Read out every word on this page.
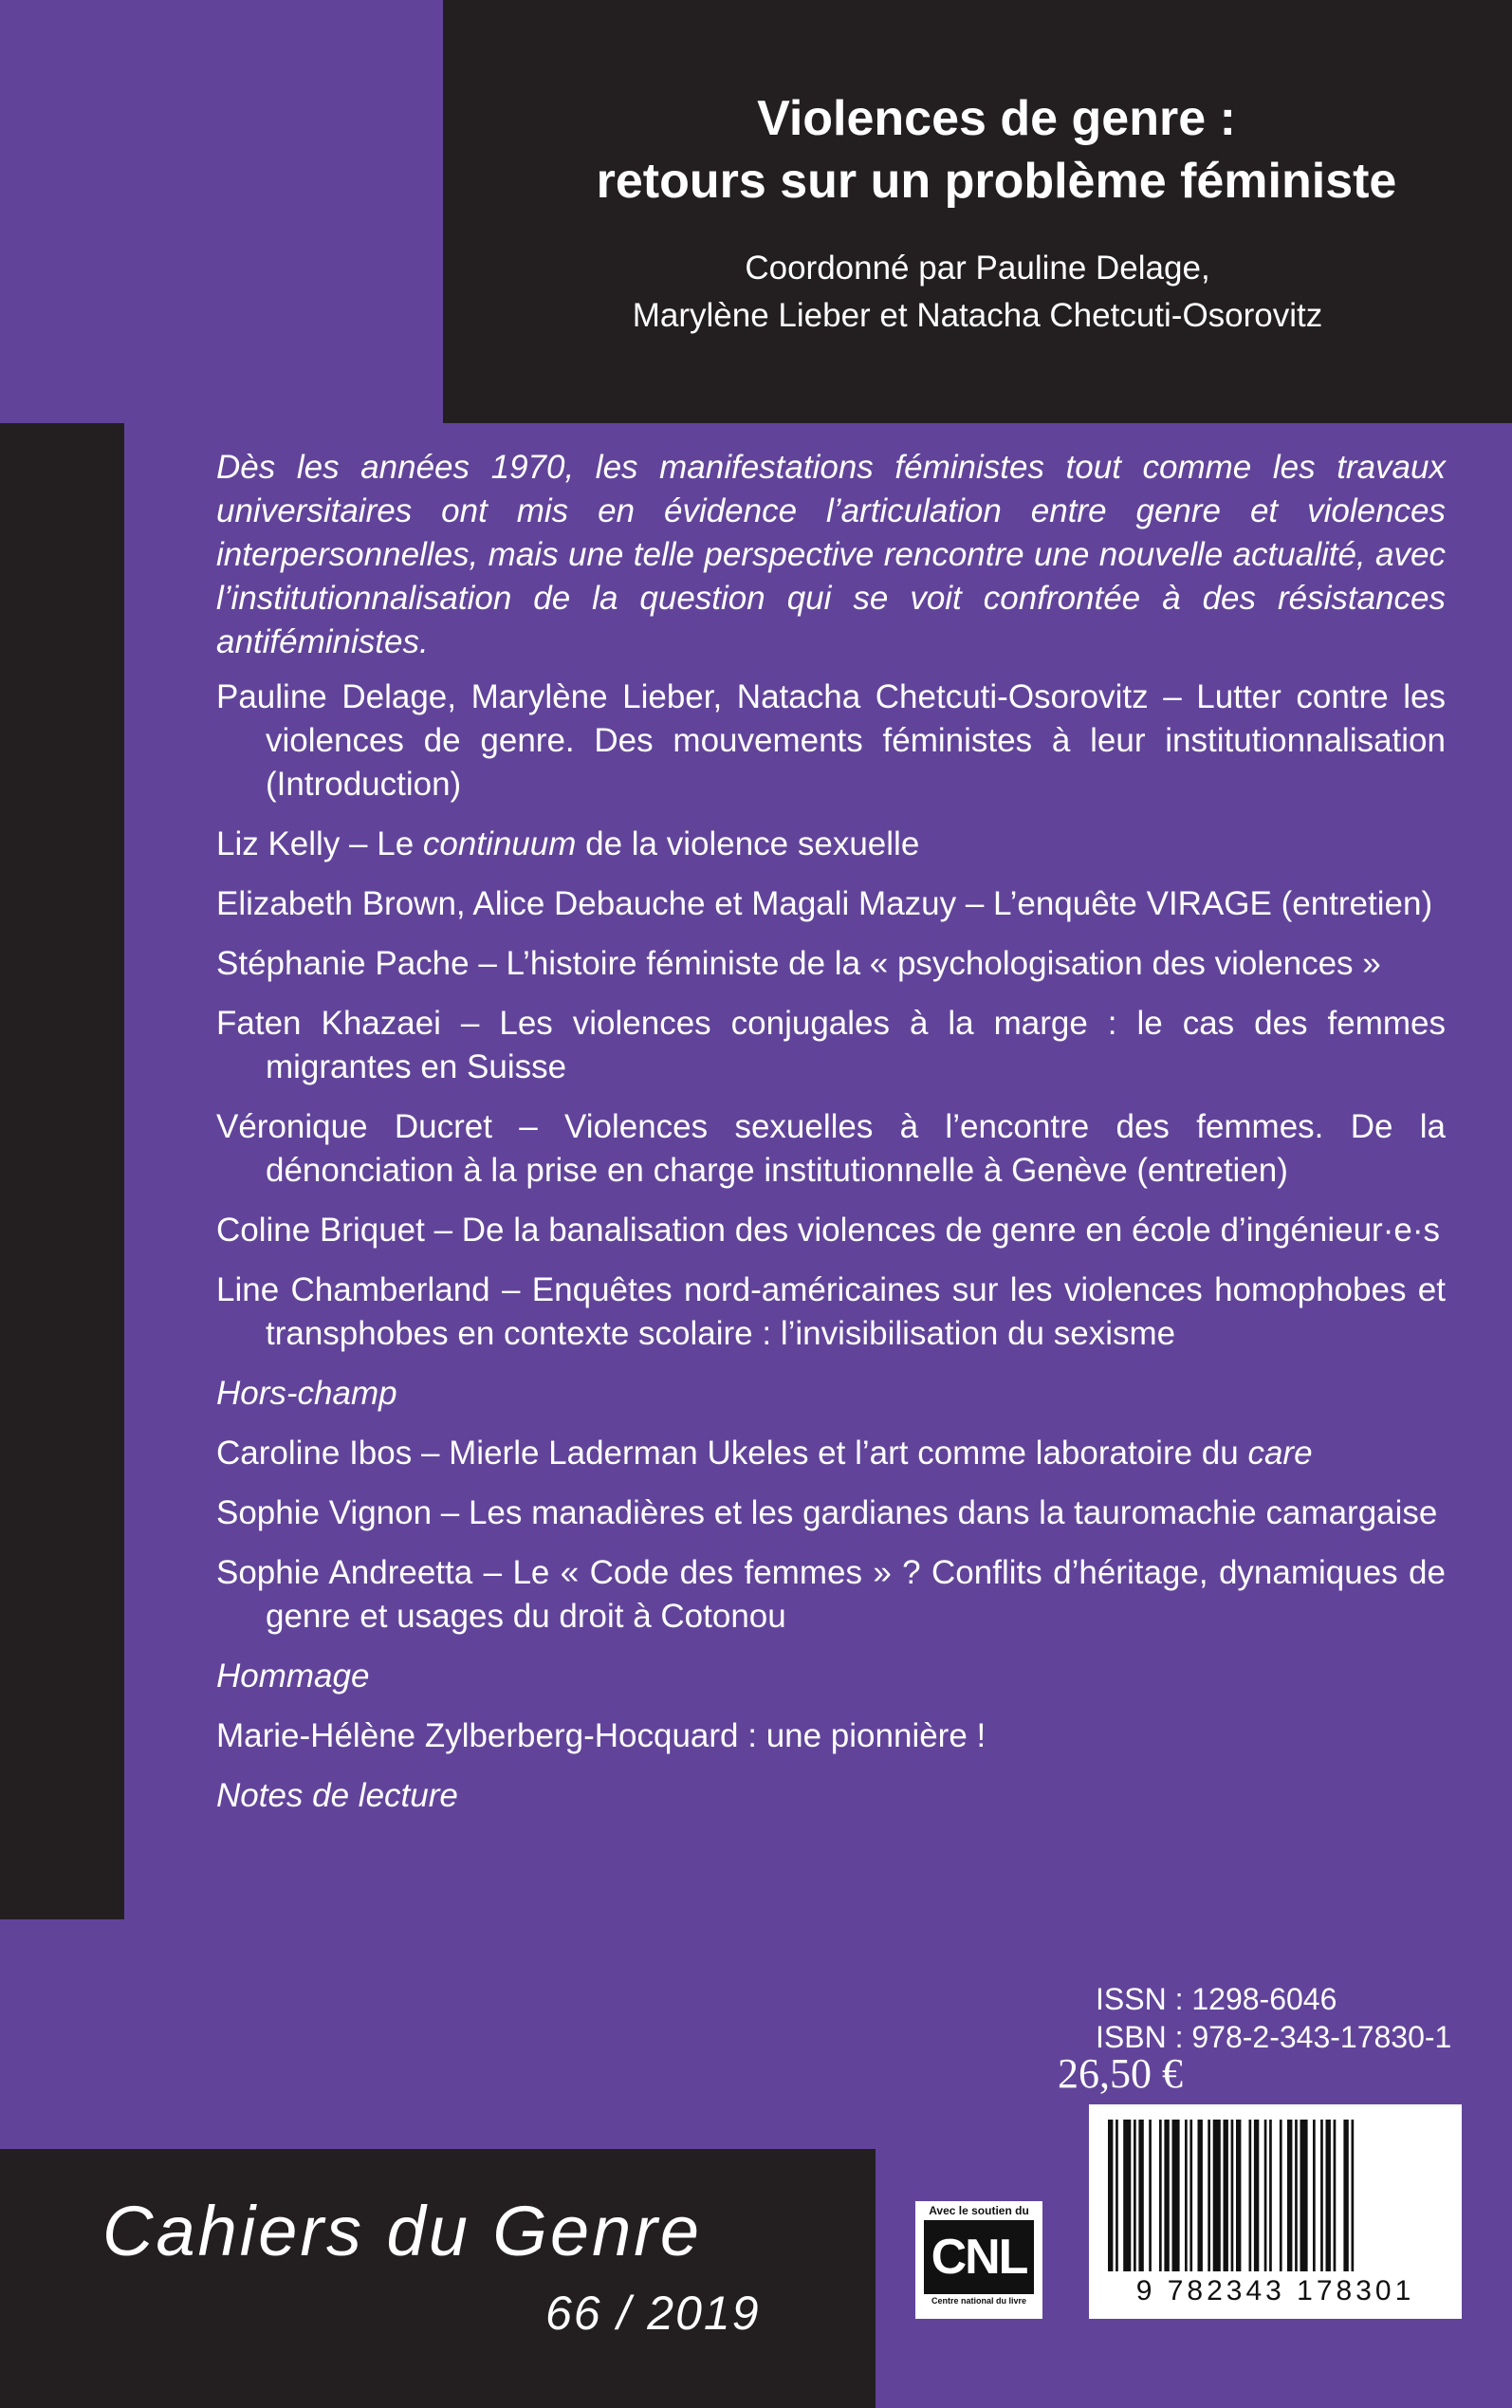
Violences de genre :
retours sur un problème féministe
Coordonné par Pauline Delage,
Marylène Lieber et Natacha Chetcuti-Osorovitz

Dès les années 1970, les manifestations féministes tout comme les travaux universitaires ont mis en évidence l’articulation entre genre et violences interpersonnelles, mais une telle perspective rencontre une nouvelle actualité, avec l’institutionnalisation de la question qui se voit confrontée à des résistances antiféministes.

Pauline Delage, Marylène Lieber, Natacha Chetcuti-Osorovitz – Lutter contre les violences de genre. Des mouvements féministes à leur institutionnalisation (Introduction)
Liz Kelly – Le continuum de la violence sexuelle
Elizabeth Brown, Alice Debauche et Magali Mazuy – L’enquête VIRAGE (entretien)
Stéphanie Pache – L’histoire féministe de la « psychologisation des violences »
Faten Khazaei – Les violences conjugales à la marge : le cas des femmes migrantes en Suisse
Véronique Ducret – Violences sexuelles à l’encontre des femmes. De la dénonciation à la prise en charge institutionnelle à Genève (entretien)
Coline Briquet – De la banalisation des violences de genre en école d’ingénieur·e·s
Line Chamberland – Enquêtes nord-américaines sur les violences homophobes et transphobes en contexte scolaire : l’invisibilisation du sexisme
Hors-champ
Caroline Ibos – Mierle Laderman Ukeles et l’art comme laboratoire du care
Sophie Vignon – Les manadières et les gardianes dans la tauromachie camargaise
Sophie Andreetta – Le « Code des femmes » ? Conflits d’héritage, dynamiques de genre et usages du droit à Cotonou
Hommage
Marie-Hélène Zylberberg-Hocquard : une pionnière !
Notes de lecture
ISSN : 1298-6046
ISBN : 978-2-343-17830-1
26,50 €
9 782343 178301
Cahiers du Genre
66 / 2019
Avec le soutien du
CNL
Centre national du livre
